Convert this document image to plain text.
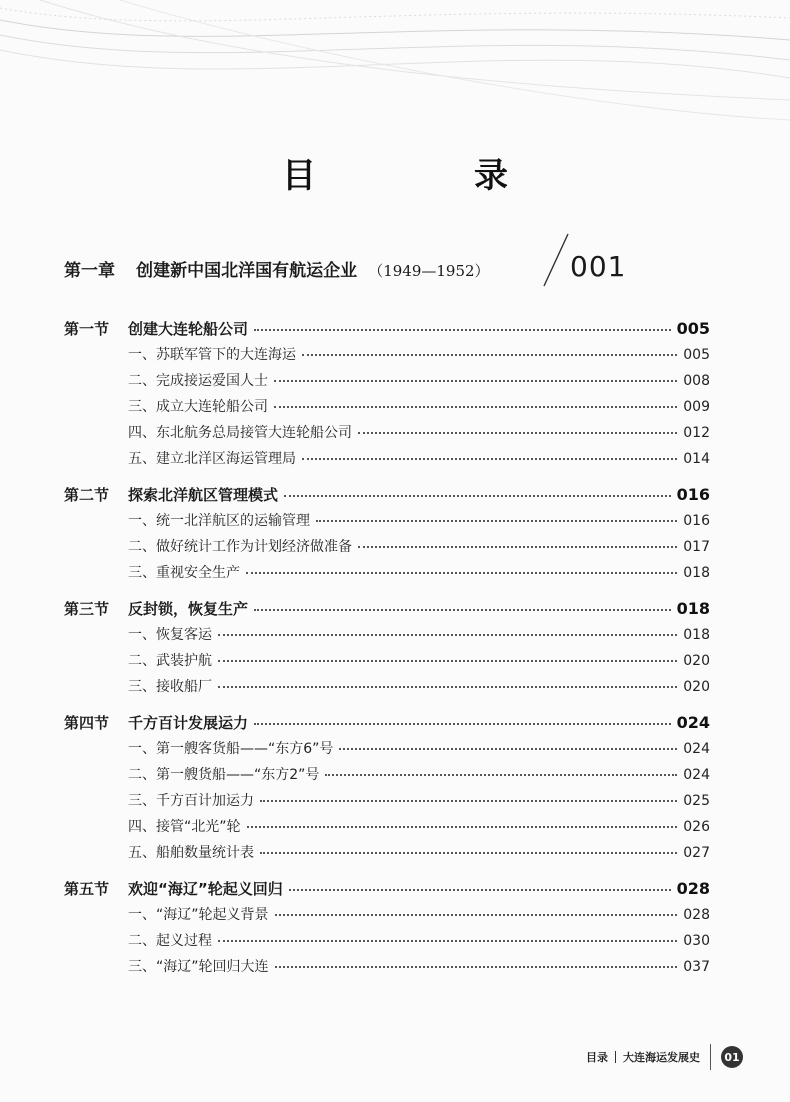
目　录
第一章 创建新中国北洋国有航运企业 （1949—1952）	001
第一节	创建大连轮船公司	005
一、苏联军管下的大连海运	005
二、完成接运爱国人士	008
三、成立大连轮船公司	009
四、东北航务总局接管大连轮船公司	012
五、建立北洋区海运管理局	014
第二节	探索北洋航区管理模式	016
一、统一北洋航区的运输管理	016
二、做好统计工作为计划经济做准备	017
三、重视安全生产	018
第三节	反封锁，恢复生产	018
一、恢复客运	018
二、武装护航	020
三、接收船厂	020
第四节	千方百计发展运力	024
一、第一艘客货船——“东方6”号	024
二、第一艘货船——“东方2”号	024
三、千方百计加运力	025
四、接管“北光”轮	026
五、船舶数量统计表	027
第五节	欢迎“海辽”轮起义回归	028
一、“海辽”轮起义背景	028
二、起义过程	030
三、“海辽”轮回归大连	037
目录 大连海运发展史	01
